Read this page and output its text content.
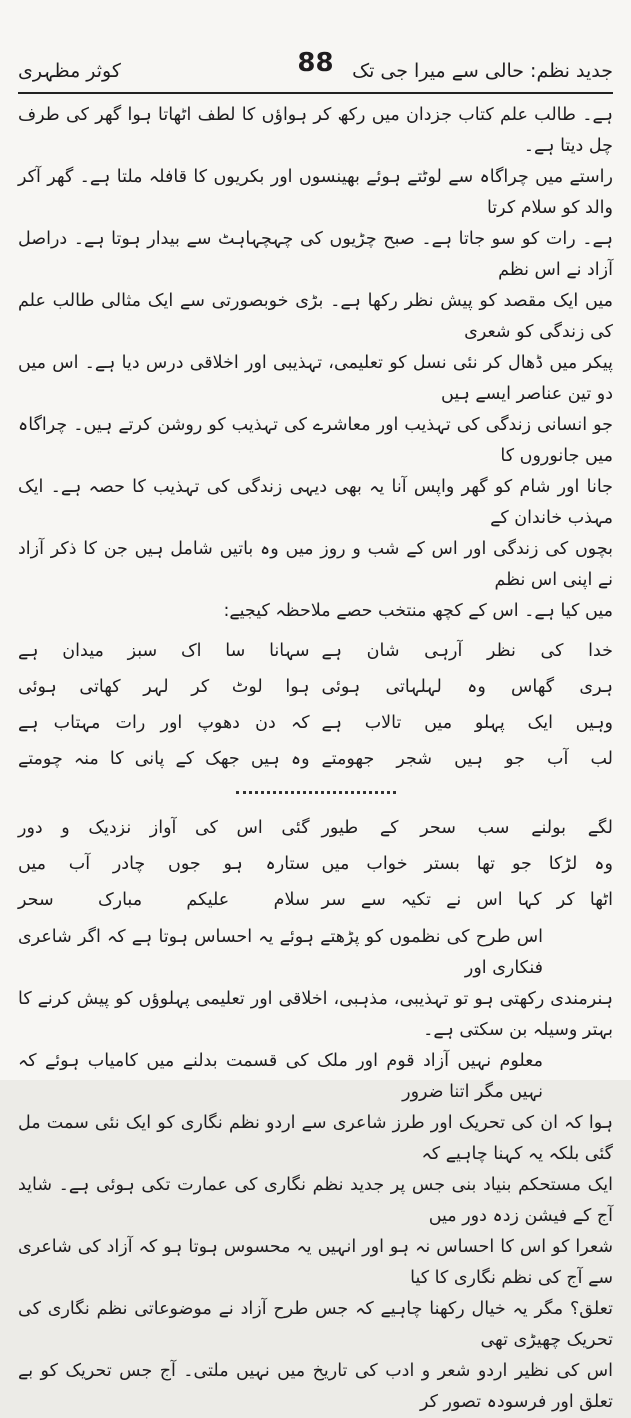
جدید نظم: حالی سے میرا جی تک
88
کوثر مظہری

ہے۔ طالب علم کتاب جزدان میں رکھ کر ہواؤں کا لطف اٹھاتا ہوا گھر کی طرف چل دیتا ہے۔

راستے میں چراگاہ سے لوٹتے ہوئے بھینسوں اور بکریوں کا قافلہ ملتا ہے۔ گھر آکر والد کو سلام کرتا

ہے۔ رات کو سو جاتا ہے۔ صبح چڑیوں کی چہچہاہٹ سے بیدار ہوتا ہے۔ دراصل آزاد نے اس نظم

میں ایک مقصد کو پیش نظر رکھا ہے۔ بڑی خوبصورتی سے ایک مثالی طالب علم کی زندگی کو شعری

پیکر میں ڈھال کر نئی نسل کو تعلیمی، تہذیبی اور اخلاقی درس دیا ہے۔ اس میں دو تین عناصر ایسے ہیں

جو انسانی زندگی کی تہذیب اور معاشرے کی تہذیب کو روشن کرتے ہیں۔ چراگاہ میں جانوروں کا

جانا اور شام کو گھر واپس آنا یہ بھی دیہی زندگی کی تہذیب کا حصہ ہے۔ ایک مہذب خاندان کے

بچوں کی زندگی اور اس کے شب و روز میں وہ باتیں شامل ہیں جن کا ذکر آزاد نے اپنی اس نظم

میں کیا ہے۔ اس کے کچھ منتخب حصے ملاحظہ کیجیے:

خدا کی نظر آرہی شان ہے
سہانا سا اک سبز میدان ہے
ہری گھاس وہ لہلہاتی ہوئی
ہوا لوٹ کر لہر کھاتی ہوئی
وہیں ایک پہلو میں تالاب ہے
کہ دن دھوپ اور رات مہتاب ہے
لب آب جو ہیں شجر جھومتے
وہ ہیں جھک کے پانی کا منہ چومتے
لگے بولنے سب سحر کے طیور
گئی اس کی آواز نزدیک و دور
وہ لڑکا جو تھا بستر خواب میں
ستارہ ہو جوں چادر آب میں
اٹھا کر کہا اس نے تکیہ سے سر
سلام علیکم مبارک سحر

اس طرح کی نظموں کو پڑھتے ہوئے یہ احساس ہوتا ہے کہ اگر شاعری فنکاری اور

ہنرمندی رکھتی ہو تو تہذیبی، مذہبی، اخلاقی اور تعلیمی پہلوؤں کو پیش کرنے کا بہتر وسیلہ بن سکتی ہے۔

معلوم نہیں آزاد قوم اور ملک کی قسمت بدلنے میں کامیاب ہوئے کہ نہیں مگر اتنا ضرور

ہوا کہ ان کی تحریک اور طرز شاعری سے اردو نظم نگاری کو ایک نئی سمت مل گئی بلکہ یہ کہنا چاہیے کہ

ایک مستحکم بنیاد بنی جس پر جدید نظم نگاری کی عمارت تکی ہوئی ہے۔ شاید آج کے فیشن زدہ دور میں

شعرا کو اس کا احساس نہ ہو اور انہیں یہ محسوس ہوتا ہو کہ آزاد کی شاعری سے آج کی نظم نگاری کا کیا

تعلق؟ مگر یہ خیال رکھنا چاہیے کہ جس طرح آزاد نے موضوعاتی نظم نگاری کی تحریک چھیڑی تھی

اس کی نظیر اردو شعر و ادب کی تاریخ میں نہیں ملتی۔ آج جس تحریک کو بے تعلق اور فرسودہ تصور کر
